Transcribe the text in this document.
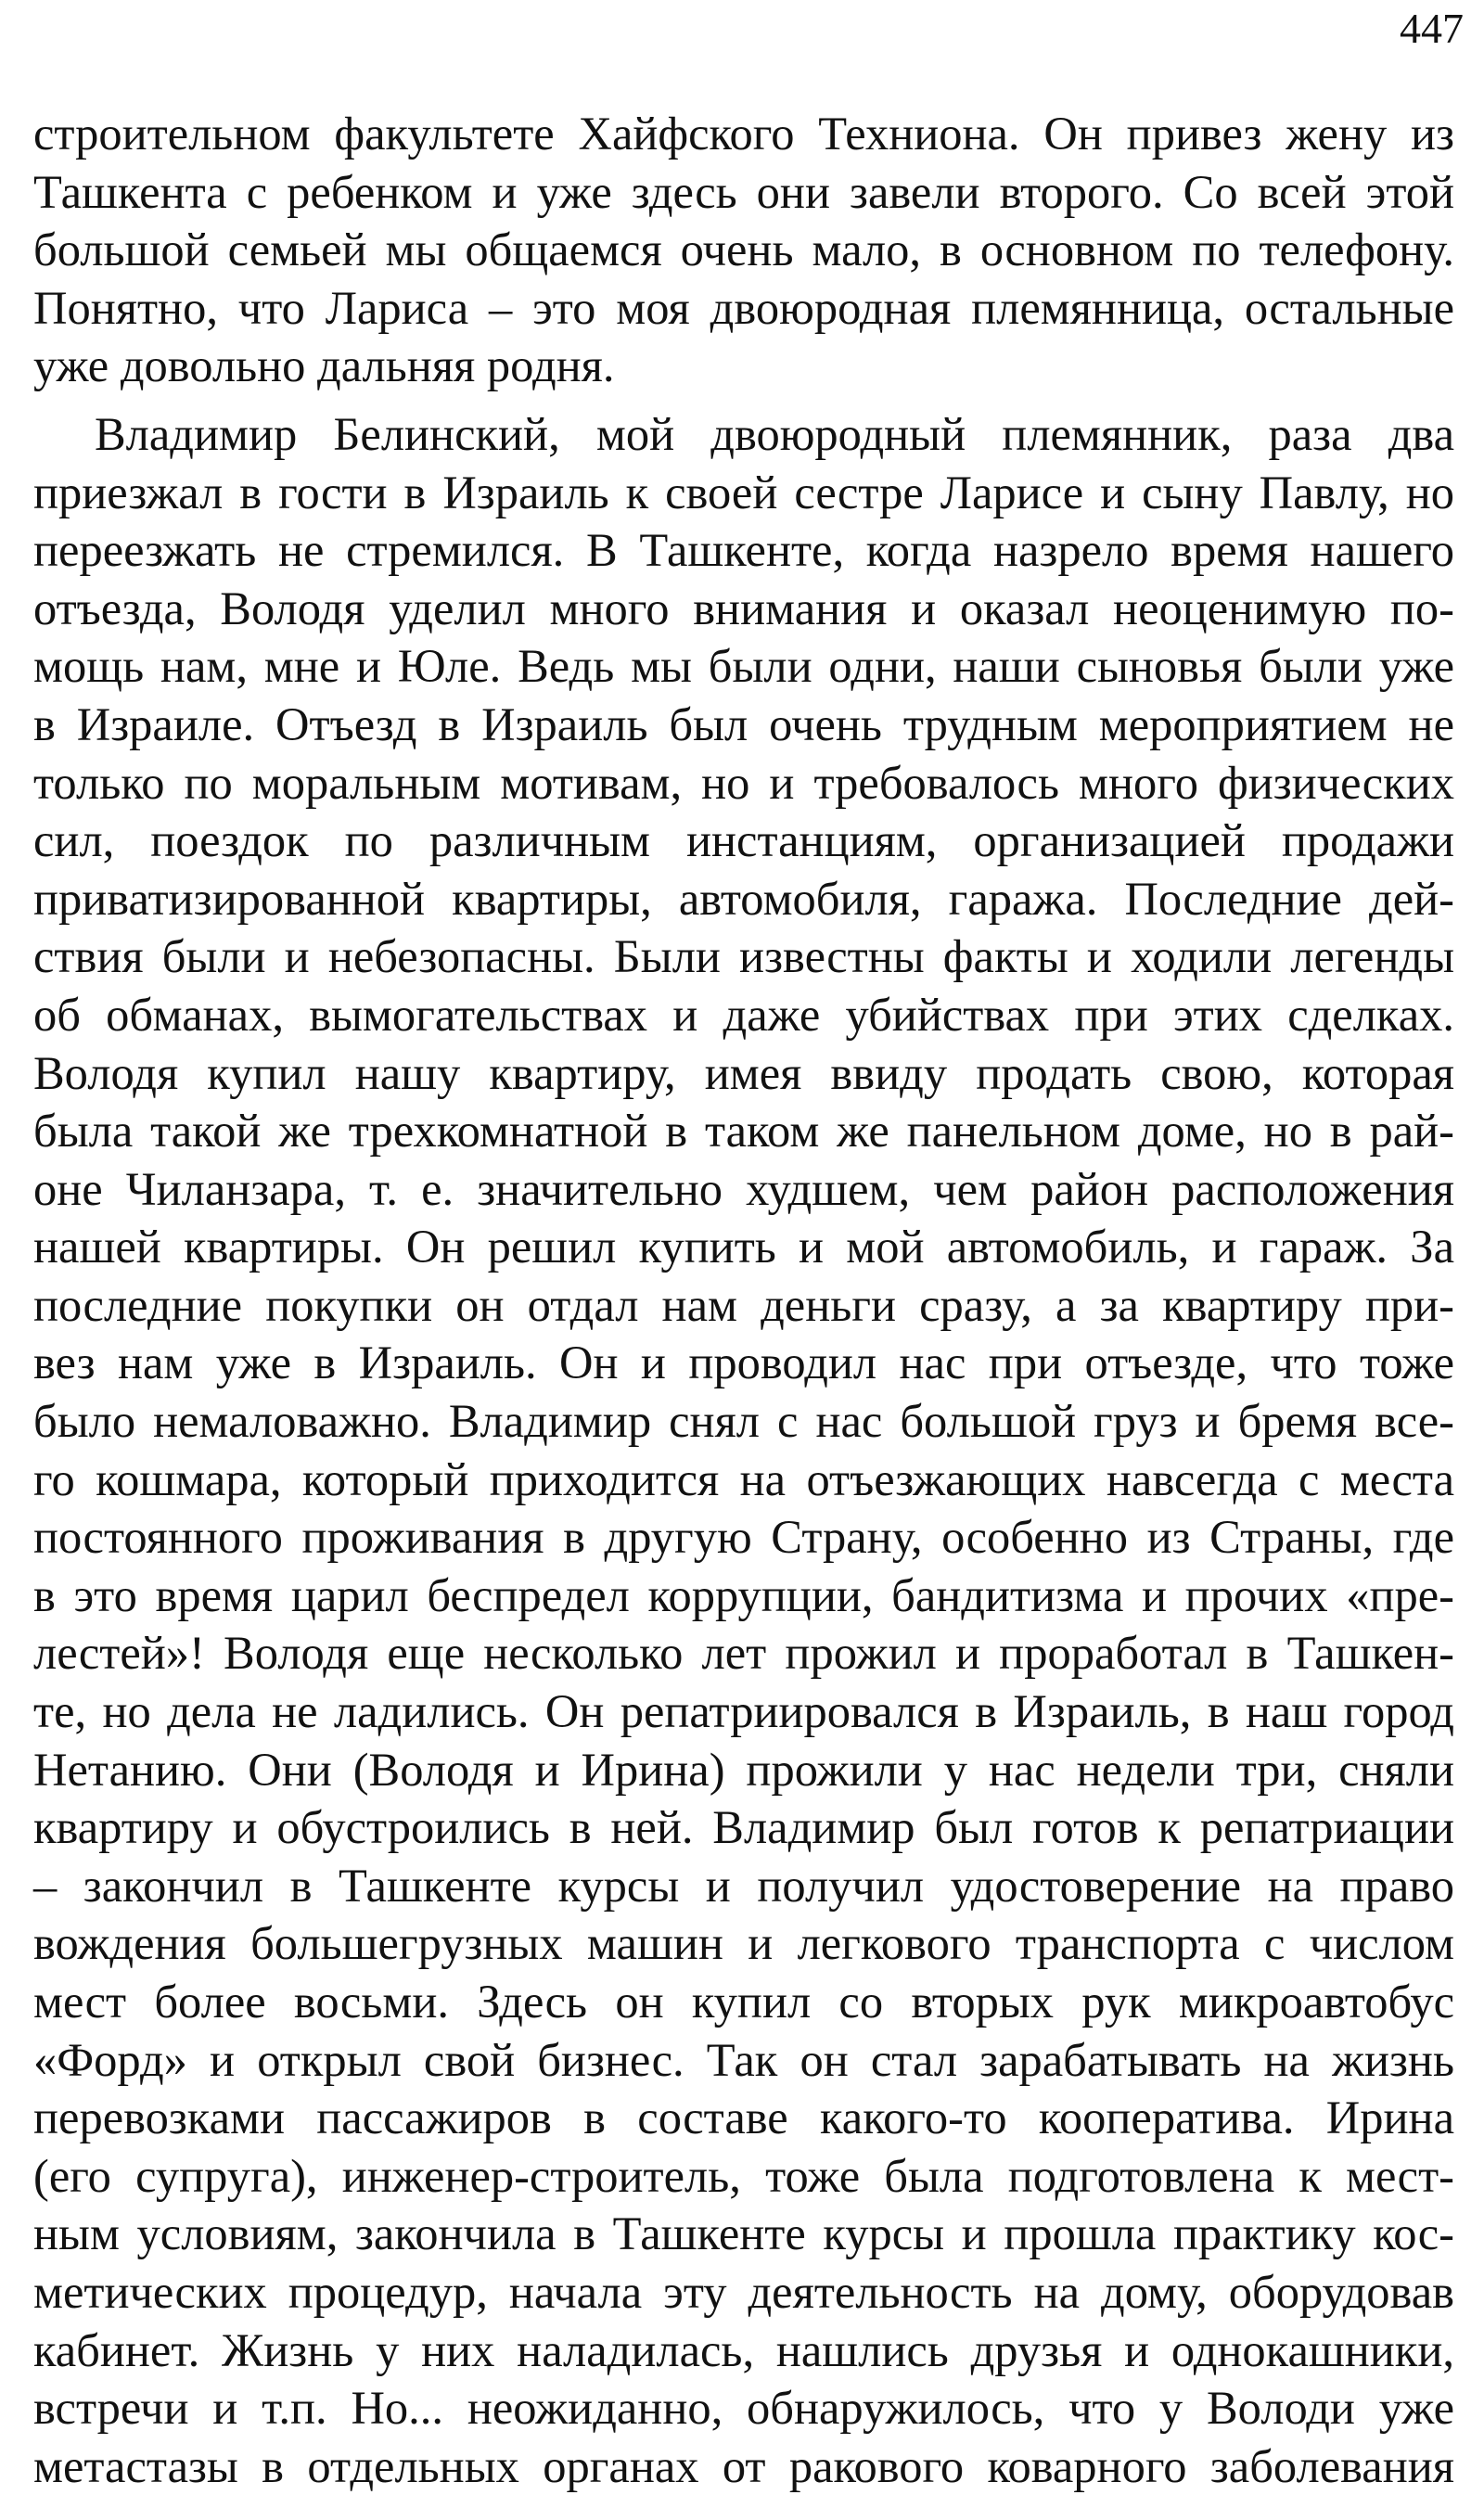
447
строительном факультете Хайфского Техниона. Он привез жену из
Ташкента с ребенком и уже здесь они завели второго. Со всей этой
большой семьей мы общаемся очень мало, в основном по телефону.
Понятно, что Лариса – это моя двоюродная племянница, остальные
уже довольно дальняя родня.
Владимир Белинский, мой двоюродный племянник, раза два
приезжал в гости в Израиль к своей сестре Ларисе и сыну Павлу, но
переезжать не стремился. В Ташкенте, когда назрело время нашего
отъезда, Володя уделил много внимания и оказал неоценимую по-
мощь нам, мне и Юле. Ведь мы были одни, наши сыновья были уже
в Израиле. Отъезд в Израиль был очень трудным мероприятием не
только по моральным мотивам, но и требовалось много физических
сил, поездок по различным инстанциям, организацией продажи
приватизированной квартиры, автомобиля, гаража. Последние дей-
ствия были и небезопасны. Были известны факты и ходили легенды
об обманах, вымогательствах и даже убийствах при этих сделках.
Володя купил нашу квартиру, имея ввиду продать свою, которая
была такой же трехкомнатной в таком же панельном доме, но в рай-
оне Чиланзара, т. е. значительно худшем, чем район расположения
нашей квартиры. Он решил купить и мой автомобиль, и гараж. За
последние покупки он отдал нам деньги сразу, а за квартиру при-
вез нам уже в Израиль. Он и проводил нас при отъезде, что тоже
было немаловажно. Владимир снял с нас большой груз и бремя все-
го кошмара, который приходится на отъезжающих навсегда с места
постоянного проживания в другую Страну, особенно из Страны, где
в это время царил беспредел коррупции, бандитизма и прочих «пре-
лестей»! Володя еще несколько лет прожил и проработал в Ташкен-
те, но дела не ладились. Он репатриировался в Израиль, в наш город
Нетанию. Они (Володя и Ирина) прожили у нас недели три, сняли
квартиру и обустроились в ней. Владимир был готов к репатриации
– закончил в Ташкенте курсы и получил удостоверение на право
вождения большегрузных машин и легкового транспорта с числом
мест более восьми. Здесь он купил со вторых рук микроавтобус
«Форд» и открыл свой бизнес. Так он стал зарабатывать на жизнь
перевозками пассажиров в составе какого-то кооператива. Ирина
(его супруга), инженер-строитель, тоже была подготовлена к мест-
ным условиям, закончила в Ташкенте курсы и прошла практику кос-
метических процедур, начала эту деятельность на дому, оборудовав
кабинет. Жизнь у них наладилась, нашлись друзья и однокашники,
встречи и т.п. Но... неожиданно, обнаружилось, что у Володи уже
метастазы в отдельных органах от ракового коварного заболевания
